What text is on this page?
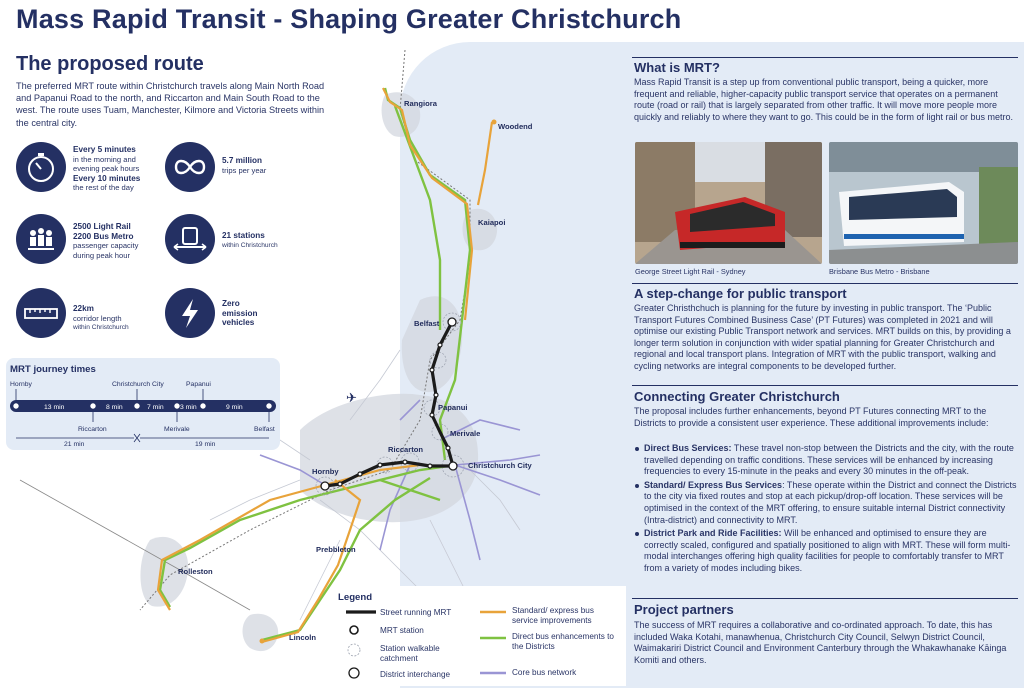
✈
Rangiora
Woodend
Kaiapoi
Belfast
Papanui
Merivale
Riccarton
Christchurch City
Hornby
Prebbleton
Rolleston
Lincoln
Mass Rapid Transit - Shaping Greater Christchurch
The proposed route
The preferred MRT route within Christchurch travels along Main North Road and Papanui Road to the north, and Riccarton and Main South Road to the west. The route uses Tuam, Manchester, Kilmore and Victoria Streets within the central city.
Every 5 minutes
in the morning and
evening peak hours
Every 10 minutes
the rest of the day
5.7 million
trips per year
2500 Light Rail
2200 Bus Metro
passenger capacity
during peak hour
21 stations
within Christchurch
22km
corridor length
within Christchurch
Zero
emission
vehicles
MRT journey times
Hornby	Christchurch City	Papanui
Riccarton	Merivale	Belfast
13 min	8 min	7 min 3 min	9 min
21 min	19 min
Legend
Street running MRT
MRT station
Station walkable catchment
District interchange
Standard/ express bus service improvements
Direct bus enhancements to the Districts
Core bus network
What is MRT?
Mass Rapid Transit is a step up from conventional public transport, being a quicker, more frequent and reliable, higher-capacity public transport service that operates on a permanent route (road or rail) that is largely separated from other traffic. It will move more people more quickly and reliably to where they want to go. This could be in the form of light rail or bus metro.
George Street Light Rail - Sydney	Brisbane Bus Metro - Brisbane
A step-change for public transport
Greater Christhchuch is planning for the future by investing in public transport. The ‘Public Transport Futures Combined Business Case’ (PT Futures) was completed in 2021 and will optimise our existing Public Transport network and services. MRT builds on this, by providing a longer term solution in conjunction with wider spatial planning for Greater Christchurch and regional and local transport plans. Integration of MRT with the public transport, walking and cycling networks are integral components to be developed further.
Connecting Greater Christchurch
The proposal includes further enhancements, beyond PT Futures connecting MRT to the Districts to provide a consistent user experience. These additional improvements include:
Direct Bus Services: These travel non-stop between the Districts and the city, with the route travelled depending on traffic conditions. These services will be enhanced by increasing frequencies to every 15-minute in the peaks and every 30 minutes in the off-peak.
Standard/ Express Bus Services: These operate within the District and connect the Districts to the city via fixed routes and stop at each pickup/drop-off location. These services will be optimised in the context of the MRT offering, to ensure suitable internal District connectivity (Intra-district) and connectivity to MRT.
District Park and Ride Facilities: Will be enhanced and optimised to ensure they are correctly scaled, configured and spatially positioned to align with MRT. These will form multi-modal interchanges offering high quality facilities for people to comfortably transfer to MRT from a variety of modes including bikes.
Project partners
The success of MRT requires a collaborative and co-ordinated approach. To date, this has included Waka Kotahi, manawhenua, Christchurch City Council, Selwyn District Council, Waimakariri District Council and Environment Canterbury through the Whakawhanake Kāinga Komiti and others.
